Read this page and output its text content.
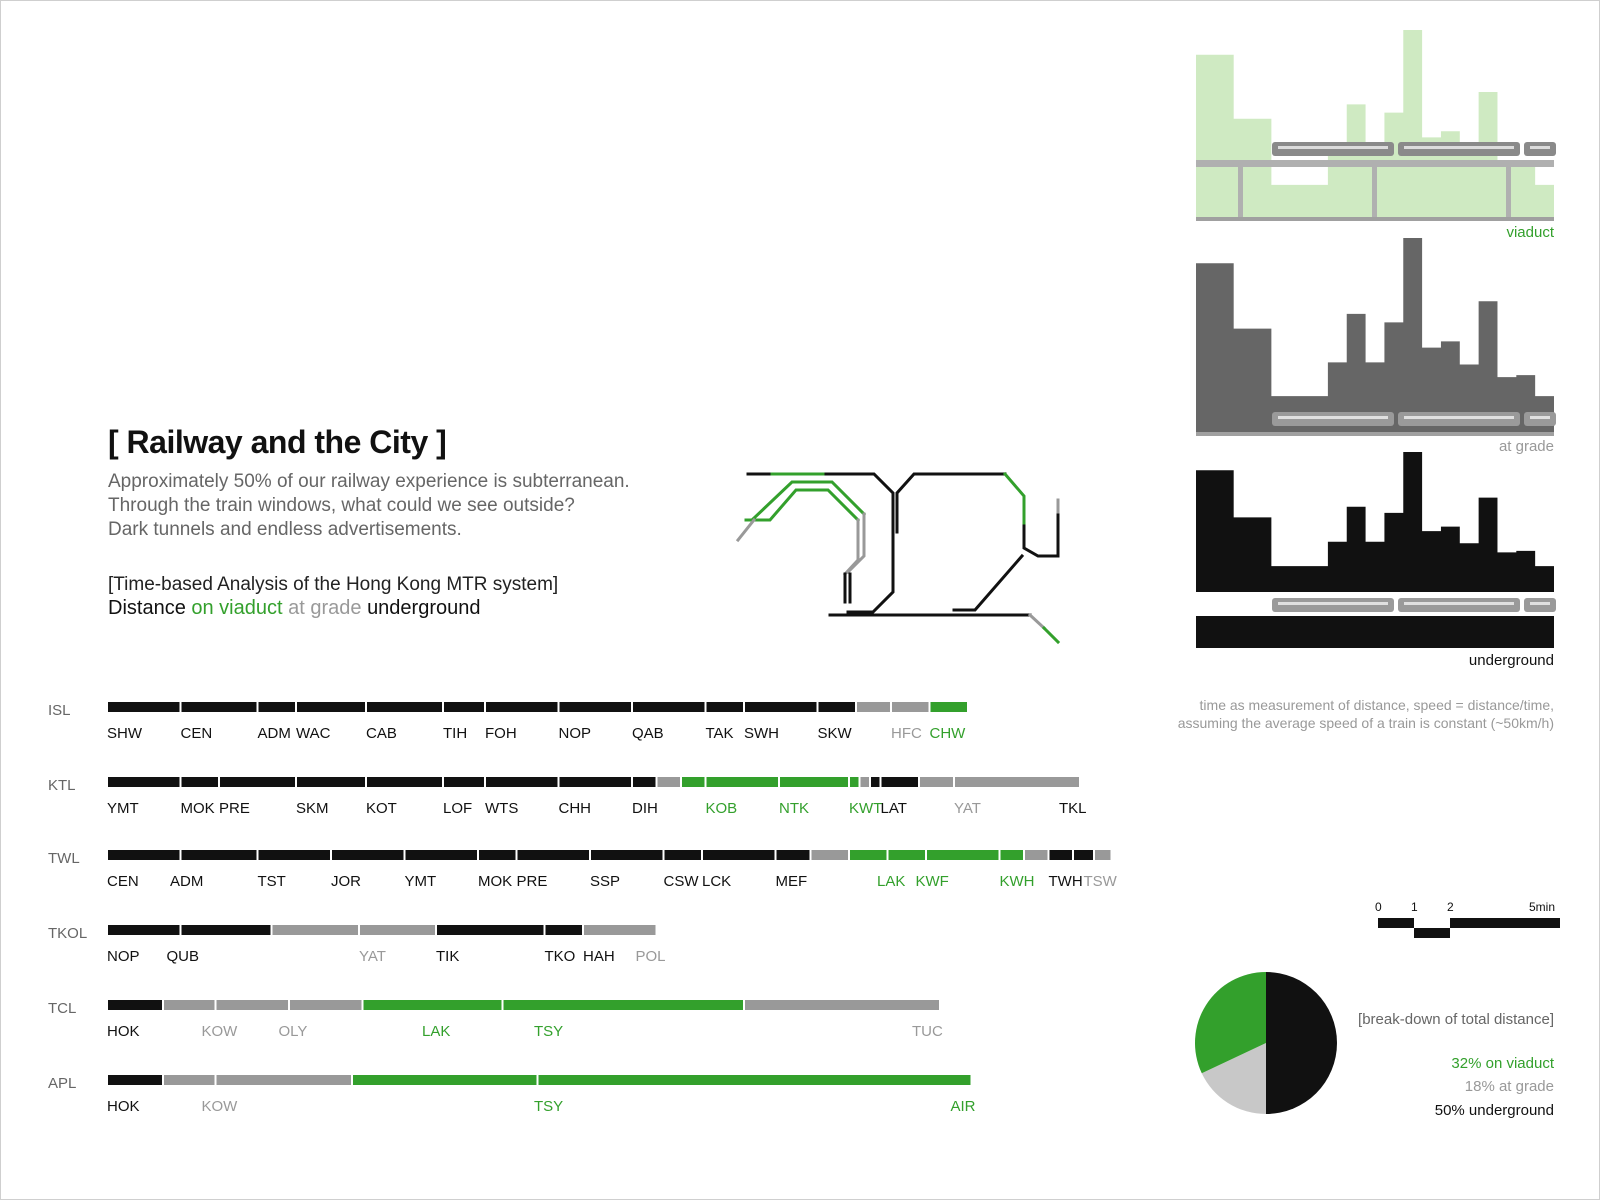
[ Railway and the City ]
Approximately 50% of our railway experience is subterranean.
Through the train windows, what could we see outside?
Dark tunnels and endless advertisements.
[Time-based Analysis of the Hong Kong MTR system]
Distance on viaduct at grade underground
ISL
SHW	CEN	ADM WAC CAB	TIH FOH	NOP	QAB	TAK SWH	SKW	HFC CHW
KTL
YMT	MOK PRE	SKM KOT	LOF WTS	CHH	DIH	KOB	NTK	KWT
LAT	YAT	TKL
TWL
CEN ADM	TST	JOR	YMT	MOK PRE	SSP	CSW LCK	MEF	LAK KWF	KWH TWH TSW
TKOL
NOP QUB	YAT	TIK	TKO HAH POL
TCL
HOK	KOW	OLY	LAK	TSY	TUC
APL
HOK	KOW	TSY	AIR
0 1 2	5min
viaduct
at grade
underground
time as measurement of distance, speed = distance/time,
assuming the average speed of a train is constant (~50km/h)
[break-down of total distance]
32% on viaduct
18% at grade
50% underground
